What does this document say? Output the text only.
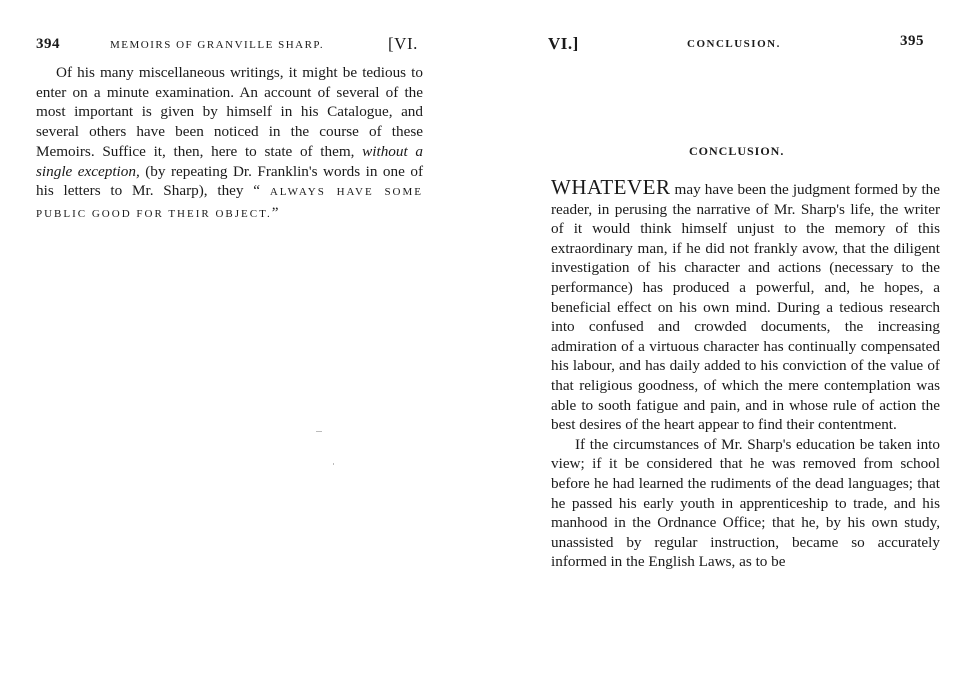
394	MEMOIRS OF GRANVILLE SHARP.	[VI.

Of his many miscellaneous writings, it might be tedious to enter on a minute examination. An account of several of the most important is given by himself in his Catalogue, and several others have been noticed in the course of these Memoirs. Suffice it, then, here to state of them, without a single exception, (by repeating Dr. Franklin's words in one of his letters to Mr. Sharp), they “ ALWAYS HAVE SOME PUBLIC GOOD FOR THEIR OBJECT.”

VI.]	CONCLUSION.	395
CONCLUSION.

WHATEVER may have been the judgment formed by the reader, in perusing the narrative of Mr. Sharp's life, the writer of it would think himself unjust to the memory of this extraordinary man, if he did not frankly avow, that the diligent investigation of his character and actions (necessary to the performance) has produced a powerful, and, he hopes, a beneficial effect on his own mind. During a tedious research into confused and crowded documents, the increasing admiration of a virtuous character has continually compensated his labour, and has daily added to his conviction of the value of that religious goodness, of which the mere contemplation was able to sooth fatigue and pain, and in whose rule of action the best desires of the heart appear to find their contentment.

If the circumstances of Mr. Sharp's education be taken into view; if it be considered that he was removed from school before he had learned the rudiments of the dead languages; that he passed his early youth in apprenticeship to trade, and his manhood in the Ordnance Office; that he, by his own study, unassisted by regular instruction, became so accurately informed in the English Laws, as to be
